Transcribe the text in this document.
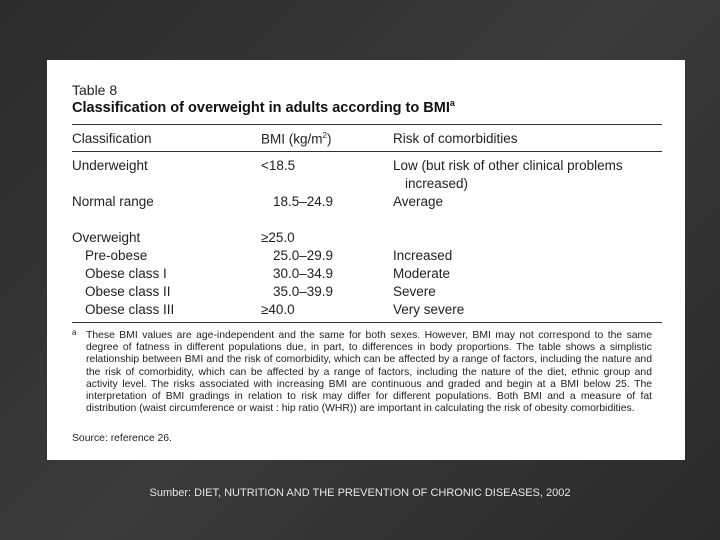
Table 8
Classification of overweight in adults according to BMI$^a$
Classification	BMI $(kg/m^2)$	Risk of comorbidities
Underweight	<18.5	Low (but risk of other clinical problems
increased)
Normal range	18.5–24.9	Average
Overweight	≥25.0
Pre-obese	25.0–29.9	Increased
Obese class I	30.0–34.9	Moderate
Obese class II	35.0–39.9	Severe
Obese class III	≥40.0	Very severe
a These BMI values are age-independent and the same for both sexes. However, BMI may not correspond to the same degree of fatness in different populations due, in part, to differences in body proportions. The table shows a simplistic relationship between BMI and the risk of comorbidity, which can be affected by a range of factors, including the nature and the risk of comorbidity, which can be affected by a range of factors, including the nature of the diet, ethnic group and activity level. The risks associated with increasing BMI are continuous and graded and begin at a BMI below 25. The interpretation of BMI gradings in relation to risk may differ for different populations. Both BMI and a measure of fat distribution (waist circumference or waist : hip ratio (WHR)) are important in calculating the risk of obesity comorbidities.
Source: reference 26.
Sumber: DIET, NUTRITION AND THE PREVENTION OF CHRONIC DISEASES, 2002
